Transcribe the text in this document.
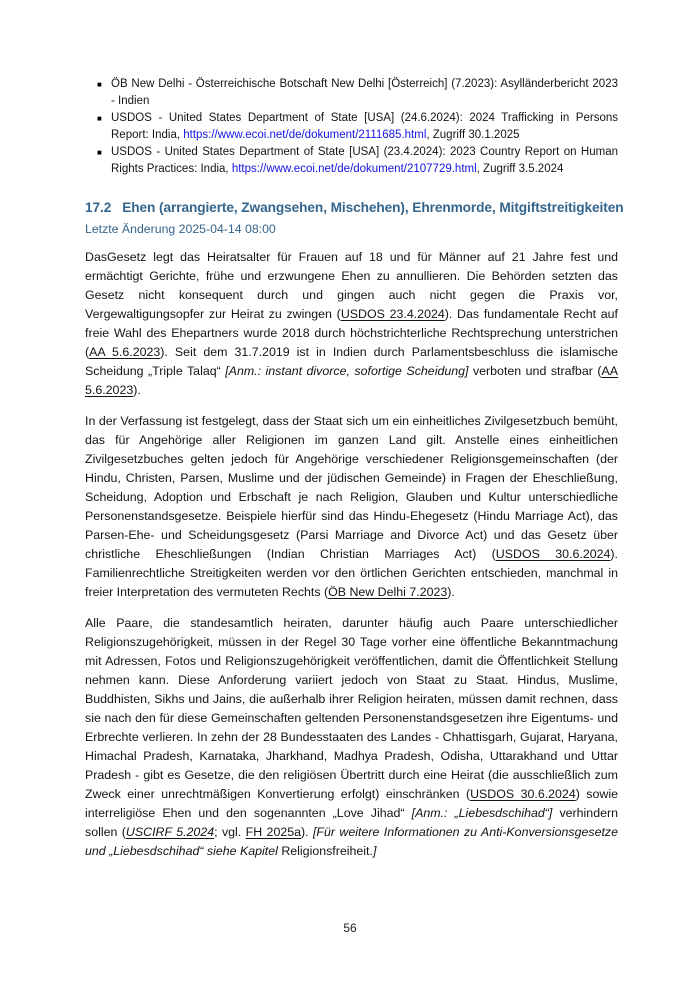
■ ÖB New Delhi - Österreichische Botschaft New Delhi [Österreich] (7.2023): Asylländerbericht 2023 - Indien
■ USDOS - United States Department of State [USA] (24.6.2024): 2024 Trafficking in Persons Report: India, https://www.ecoi.net/de/dokument/2111685.html, Zugriff 30.1.2025
■ USDOS - United States Department of State [USA] (23.4.2024): 2023 Country Report on Human Rights Practices: India, https://www.ecoi.net/de/dokument/2107729.html, Zugriff 3.5.2024
17.2 Ehen (arrangierte, Zwangsehen, Mischehen), Ehrenmorde, Mitgiftstreitigkeiten
Letzte Änderung 2025-04-14 08:00

DasGesetz legt das Heiratsalter für Frauen auf 18 und für Männer auf 21 Jahre fest und ermächtigt Gerichte, frühe und erzwungene Ehen zu annullieren. Die Behörden setzten das Gesetz nicht konsequent durch und gingen auch nicht gegen die Praxis vor, Vergewaltigungsopfer zur Heirat zu zwingen (USDOS 23.4.2024). Das fundamentale Recht auf freie Wahl des Ehepartners wurde 2018 durch höchstrichterliche Rechtsprechung unterstrichen (AA 5.6.2023). Seit dem 31.7.2019 ist in Indien durch Parlamentsbeschluss die islamische Scheidung „Triple Talaq“ [Anm.: instant divorce, sofortige Scheidung] verboten und strafbar (AA 5.6.2023).

In der Verfassung ist festgelegt, dass der Staat sich um ein einheitliches Zivilgesetzbuch bemüht, das für Angehörige aller Religionen im ganzen Land gilt. Anstelle eines einheitlichen Zivilgesetzbuches gelten jedoch für Angehörige verschiedener Religionsgemeinschaften (der Hindu, Christen, Parsen, Muslime und der jüdischen Gemeinde) in Fragen der Eheschließung, Scheidung, Adoption und Erbschaft je nach Religion, Glauben und Kultur unterschiedliche Personenstandsgesetze. Beispiele hierfür sind das Hindu-Ehegesetz (Hindu Marriage Act), das Parsen-Ehe- und Scheidungsgesetz (Parsi Marriage and Divorce Act) und das Gesetz über christliche Eheschließungen (Indian Christian Marriages Act) (USDOS 30.6.2024). Familienrechtliche Streitigkeiten werden vor den örtlichen Gerichten entschieden, manchmal in freier Interpretation des vermuteten Rechts (ÖB New Delhi 7.2023).

Alle Paare, die standesamtlich heiraten, darunter häufig auch Paare unterschiedlicher Religionszugehörigkeit, müssen in der Regel 30 Tage vorher eine öffentliche Bekanntmachung mit Adressen, Fotos und Religionszugehörigkeit veröffentlichen, damit die Öffentlichkeit Stellung nehmen kann. Diese Anforderung variiert jedoch von Staat zu Staat. Hindus, Muslime, Buddhisten, Sikhs und Jains, die außerhalb ihrer Religion heiraten, müssen damit rechnen, dass sie nach den für diese Gemeinschaften geltenden Personenstandsgesetzen ihre Eigentums- und Erbrechte verlieren. In zehn der 28 Bundesstaaten des Landes - Chhattisgarh, Gujarat, Haryana, Himachal Pradesh, Karnataka, Jharkhand, Madhya Pradesh, Odisha, Uttarakhand und Uttar Pradesh - gibt es Gesetze, die den religiösen Übertritt durch eine Heirat (die ausschließlich zum Zweck einer unrechtmäßigen Konvertierung erfolgt) einschränken (USDOS 30.6.2024) sowie interreligiöse Ehen und den sogenannten „Love Jihad“ [Anm.: „Liebesdschihad“] verhindern sollen (USCIRF 5.2024; vgl. FH 2025a). [Für weitere Informationen zu Anti-Konversionsgesetze und „Liebesdschihad“ siehe Kapitel Religionsfreiheit.]

56
